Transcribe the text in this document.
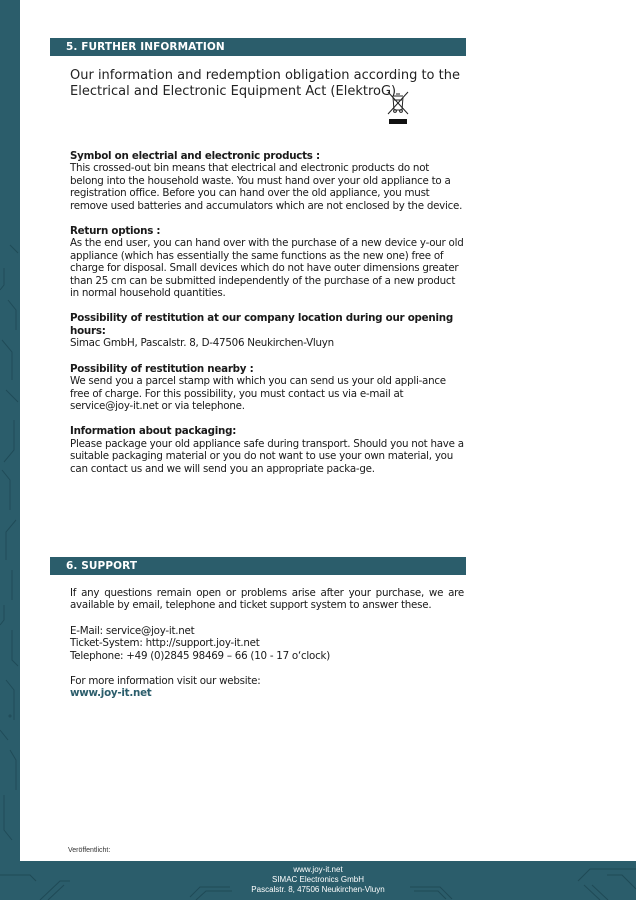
5. FURTHER INFORMATION
Our information and redemption obligation according to the Electrical and Electronic Equipment Act (ElektroG)

Symbol on electrial and electronic products :

This crossed-out bin means that electrical and electronic products do not belong into the household waste. You must hand over your old appliance to a registration office. Before you can hand over the old appliance, you must remove used batteries and accumulators which are not enclosed by the device.

Return options :

As the end user, you can hand over with the purchase of a new device y-our old appliance (which has essentially the same functions as the new one) free of charge for disposal. Small devices which do not have outer dimensions greater than 25 cm can be submitted independently of the purchase of a new product in normal household quantities.

Possibility of restitution at our company location during our opening hours:

Simac GmbH, Pascalstr. 8, D-47506 Neukirchen-Vluyn

Possibility of restitution nearby :

We send you a parcel stamp with which you can send us your old appli-ance free of charge. For this possibility, you must contact us via e-mail at service@joy-it.net or via telephone.

Information about packaging:

Please package your old appliance safe during transport. Should you not have a suitable packaging material or you do not want to use your own material, you can contact us and we will send you an appropriate packa-ge.

6. SUPPORT

If any questions remain open or problems arise after your purchase, we are available by email, telephone and ticket support system to answer these.

E-Mail: service@joy-it.net

Ticket-System: http://support.joy-it.net

Telephone: +49 (0)2845 98469 – 66 (10 - 17 o‘clock)

For more information visit our website:

www.joy-it.net

Veröffentlicht:
www.joy-it.net
SIMAC Electronics GmbH
Pascalstr. 8, 47506 Neukirchen-Vluyn
